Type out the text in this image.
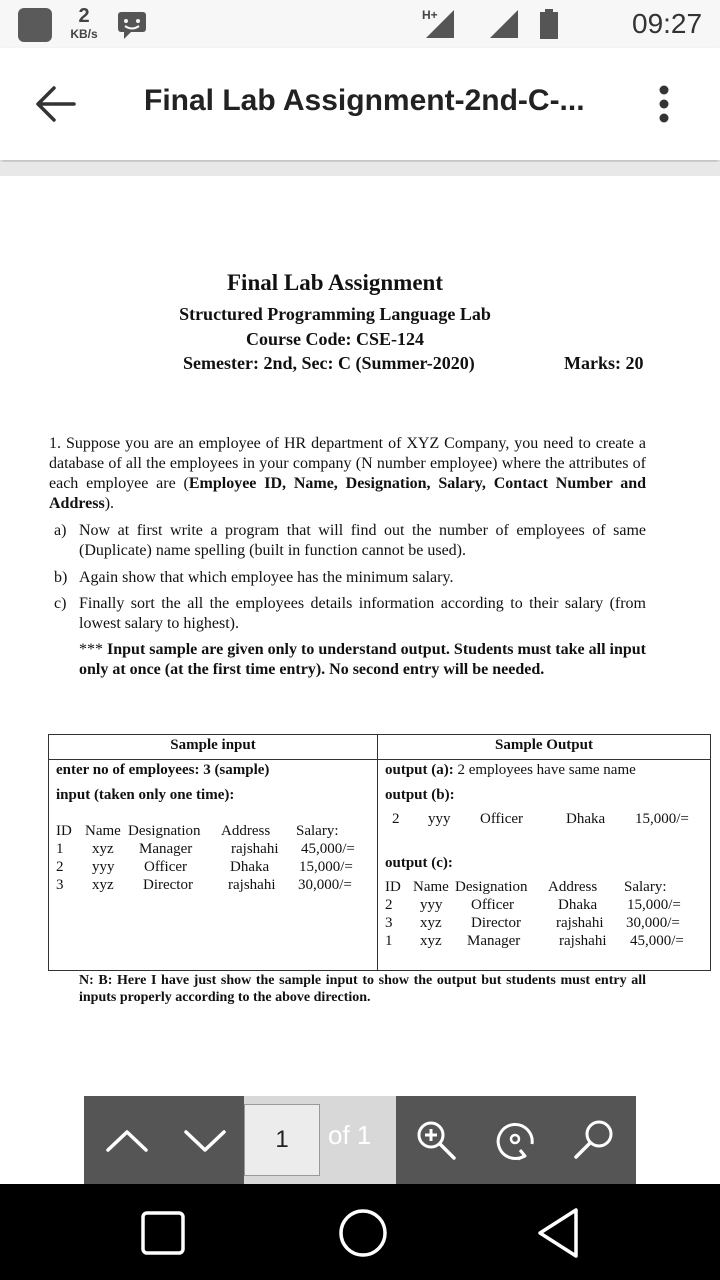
2
KB/s
H+	09:27
Final Lab Assignment-2nd-C-...
Final Lab Assignment
Structured Programming Language Lab
Course Code: CSE-124
Semester: 2nd, Sec: C (Summer-2020)	Marks: 20
1. Suppose you are an employee of HR department of XYZ Company, you need to create a database of all the employees in your company (N number employee) where the attributes of each employee are (Employee ID, Name, Designation, Salary, Contact Number and Address).
a) Now at first write a program that will find out the number of employees of same (Duplicate) name spelling (built in function cannot be used).
b) Again show that which employee has the minimum salary.
c) Finally sort the all the employees details information according to their salary (from lowest salary to highest).
*** Input sample are given only to understand output. Students must take all input only at once (at the first time entry). No second entry will be needed.
Sample input	Sample Output
enter no of employees: 3 (sample)
input (taken only one time):
ID Name Designation Address Salary:
1 xyz Manager	rajshahi 45,000/=
2 yyy Officer	Dhaka 15,000/=
3 xyz Director rajshahi 30,000/=
output (a): 2 employees have same name
output (b):
2 yyy Officer	Dhaka 15,000/=
output (c):
ID Name Designation Address Salary:
2 yyy Officer	Dhaka 15,000/=
3 xyz Director rajshahi 30,000/=
1 xyz Manager	rajshahi 45,000/=
N: B: Here I have just show the sample input to show the output but students must entry all inputs properly according to the above direction.
1	of 1
